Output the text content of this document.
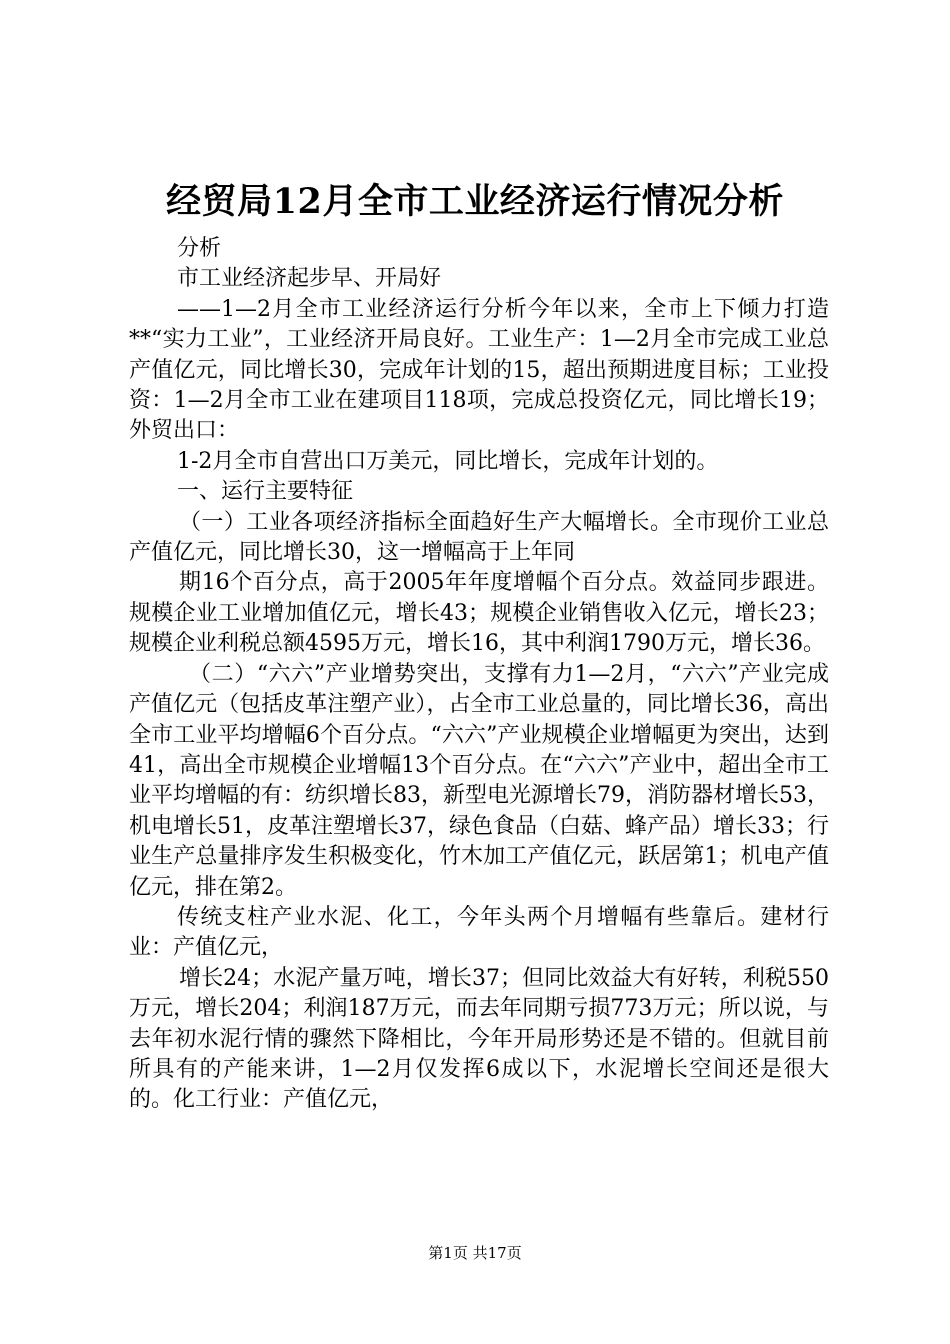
经贸局12月全市工业经济运行情况分析

分析

市工业经济起步早、开局好

——1—2月全市工业经济运行分析今年以来，全市上下倾力打造**“实力工业”，工业经济开局良好。工业生产：1—2月全市完成工业总产值亿元，同比增长30，完成年计划的15，超出预期进度目标；工业投资：1—2月全市工业在建项目118项，完成总投资亿元，同比增长19；外贸出口：

1-2月全市自营出口万美元，同比增长，完成年计划的。

一、运行主要特征

（一）工业各项经济指标全面趋好生产大幅增长。全市现价工业总产值亿元，同比增长30，这一增幅高于上年同

期16个百分点，高于2005年年度增幅个百分点。效益同步跟进。规模企业工业增加值亿元，增长43；规模企业销售收入亿元，增长23；规模企业利税总额4595万元，增长16，其中利润1790万元，增长36。

（二）“六六”产业增势突出，支撑有力1—2月，“六六”产业完成产值亿元（包括皮革注塑产业），占全市工业总量的，同比增长36，高出全市工业平均增幅6个百分点。“六六”产业规模企业增幅更为突出，达到41，高出全市规模企业增幅13个百分点。在“六六”产业中，超出全市工业平均增幅的有：纺织增长83，新型电光源增长79，消防器材增长53，机电增长51，皮革注塑增长37，绿色食品（白菇、蜂产品）增长33；行业生产总量排序发生积极变化，竹木加工产值亿元，跃居第1；机电产值亿元，排在第2。

传统支柱产业水泥、化工，今年头两个月增幅有些靠后。建材行业：产值亿元，

增长24；水泥产量万吨，增长37；但同比效益大有好转，利税550万元，增长204；利润187万元，而去年同期亏损773万元；所以说，与去年初水泥行情的骤然下降相比，今年开局形势还是不错的。但就目前所具有的产能来讲，1—2月仅发挥6成以下，水泥增长空间还是很大的。化工行业：产值亿元，

第1页 共17页
